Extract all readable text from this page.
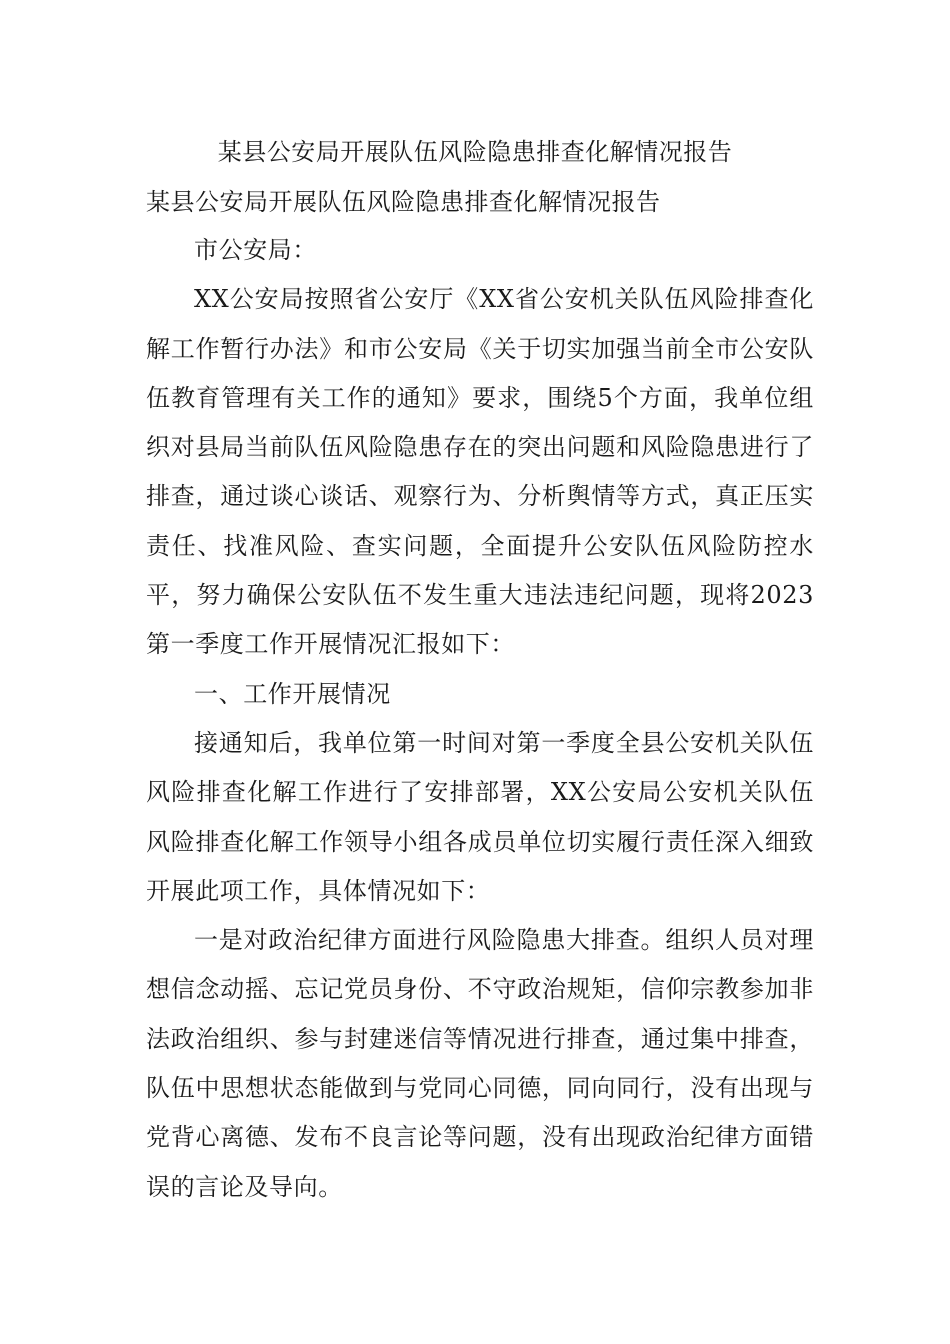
某县公安局开展队伍风险隐患排查化解情况报告
某县公安局开展队伍风险隐患排查化解情况报告

市公安局：

XX公安局按照省公安厅《XX省公安机关队伍风险排查化解工作暂行办法》和市公安局《关于切实加强当前全市公安队伍教育管理有关工作的通知》要求，围绕5个方面，我单位组织对县局当前队伍风险隐患存在的突出问题和风险隐患进行了排查，通过谈心谈话、观察行为、分析舆情等方式，真正压实责任、找准风险、查实问题，全面提升公安队伍风险防控水平，努力确保公安队伍不发生重大违法违纪问题，现将2023第一季度工作开展情况汇报如下：

一、工作开展情况

接通知后，我单位第一时间对第一季度全县公安机关队伍风险排查化解工作进行了安排部署，XX公安局公安机关队伍风险排查化解工作领导小组各成员单位切实履行责任深入细致开展此项工作，具体情况如下：

一是对政治纪律方面进行风险隐患大排查。组织人员对理想信念动摇、忘记党员身份、不守政治规矩，信仰宗教参加非法政治组织、参与封建迷信等情况进行排查，通过集中排查，队伍中思想状态能做到与党同心同德，同向同行，没有出现与党背心离德、发布不良言论等问题，没有出现政治纪律方面错误的言论及导向。
